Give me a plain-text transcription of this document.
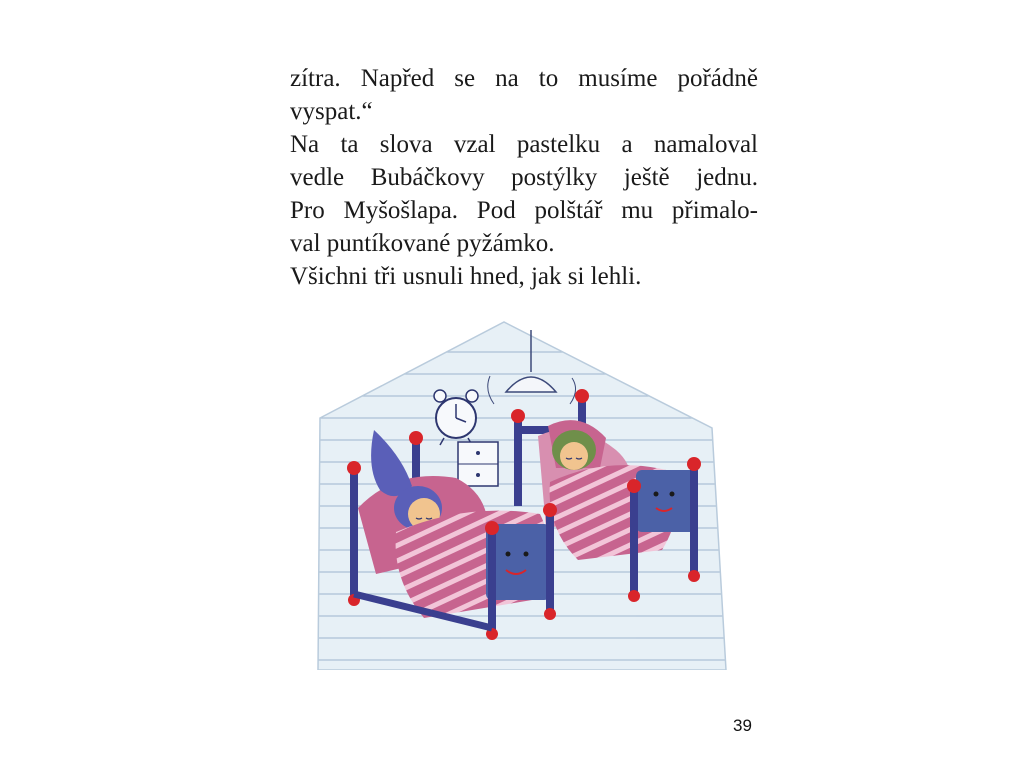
zítra. Napřed se na to musíme pořádně
vyspat.“
Na ta slova vzal pastelku a namaloval
vedle Bubáčkovy postýlky ještě jednu.
Pro Myšošlapa. Pod polštář mu přimalo-
val puntíkované pyžámko.
Všichni tři usnuli hned, jak si lehli.
39
